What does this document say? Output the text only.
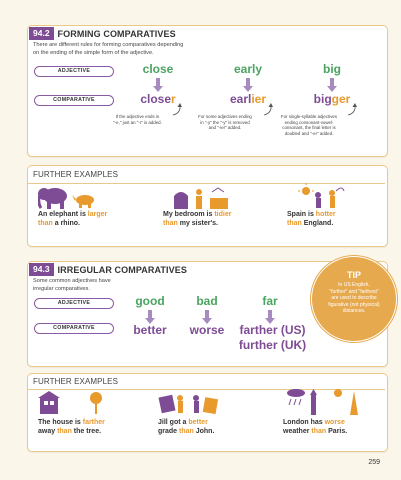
94.2 FORMING COMPARATIVES
There are different rules for forming comparatives depending
on the ending of the simple form of the adjective.
ADJECTIVE
COMPARATIVE
close	early	big
closer	earlier	bigger
If the adjective ends in
"-e," just an "-r" is added.
For some adjectives ending
in "-y" the "-y" is removed
and "-ier" added.
For single-syllable adjectives
ending consonant-vowel-
consonant, the final letter is
doubled and "-er" added.
FURTHER EXAMPLES
An elephant is larger
than a rhino.
My bedroom is tidier
than my sister's.
Spain is hotter
than England.
94.3 IRREGULAR COMPARATIVES
Some common adjectives have
irregular comparatives.
ADJECTIVE
COMPARATIVE
good	bad	far
better	worse	farther (US)
further (UK)
TIP
In US English,
"further" and "farthest"
are used to describe
figurative (not physical)
distances.
FURTHER EXAMPLES
The house is farther
away than the tree.
Jill got a better
grade than John.
London has worse
weather than Paris.
259
